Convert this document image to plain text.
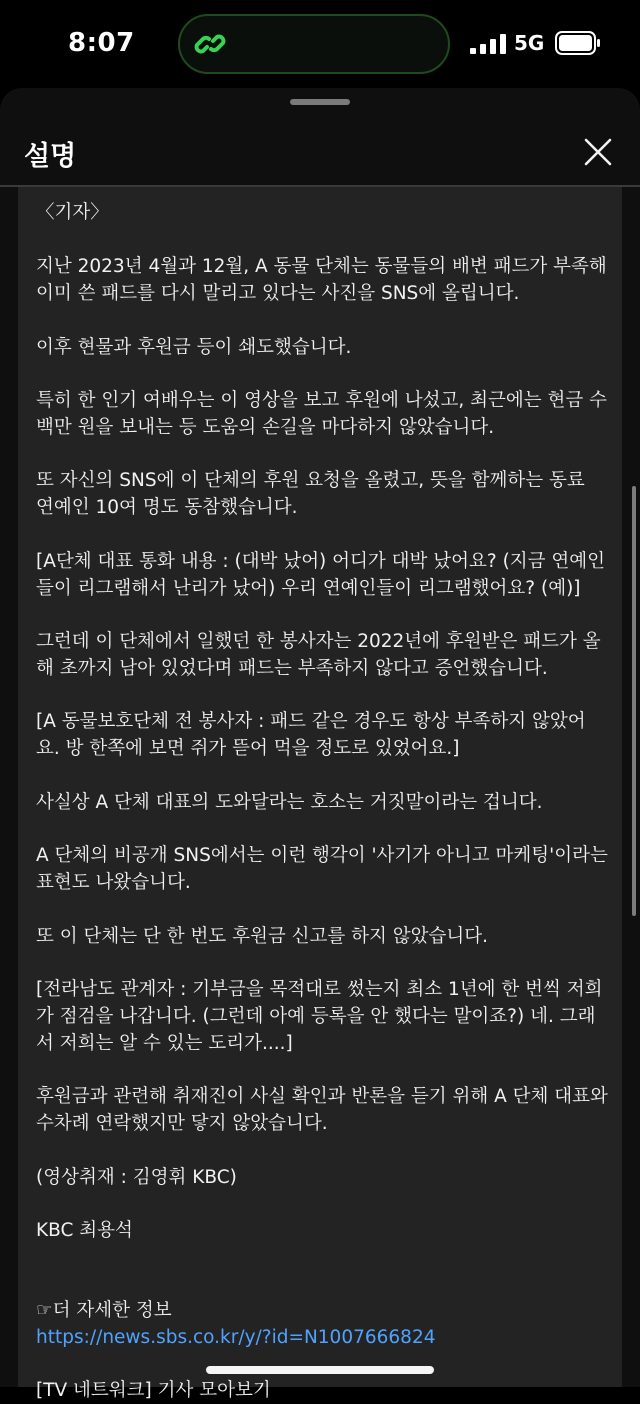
8:07	5G
설명

〈기자〉

지난 2023년 4월과 12월, A 동물 단체는 동물들의 배변 패드가 부족해 이미 쓴 패드를 다시 말리고 있다는 사진을 SNS에 올립니다.

이후 현물과 후원금 등이 쇄도했습니다.

특히 한 인기 여배우는 이 영상을 보고 후원에 나섰고, 최근에는 현금 수백만 원을 보내는 등 도움의 손길을 마다하지 않았습니다.

또 자신의 SNS에 이 단체의 후원 요청을 올렸고, 뜻을 함께하는 동료 연예인 10여 명도 동참했습니다.

[A단체 대표 통화 내용 : (대박 났어) 어디가 대박 났어요? (지금 연예인들이 리그램해서 난리가 났어) 우리 연예인들이 리그램했어요? (예)]

그런데 이 단체에서 일했던 한 봉사자는 2022년에 후원받은 패드가 올해 초까지 남아 있었다며 패드는 부족하지 않다고 증언했습니다.

[A 동물보호단체 전 봉사자 : 패드 같은 경우도 항상 부족하지 않았어요. 방 한쪽에 보면 쥐가 뜯어 먹을 정도로 있었어요.]

사실상 A 단체 대표의 도와달라는 호소는 거짓말이라는 겁니다.

A 단체의 비공개 SNS에서는 이런 행각이 '사기가 아니고 마케팅'이라는 표현도 나왔습니다.

또 이 단체는 단 한 번도 후원금 신고를 하지 않았습니다.

[전라남도 관계자 : 기부금을 목적대로 썼는지 최소 1년에 한 번씩 저희가 점검을 나갑니다. (그런데 아예 등록을 안 했다는 말이죠?) 네. 그래서 저희는 알 수 있는 도리가....]

후원금과 관련해 취재진이 사실 확인과 반론을 듣기 위해 A 단체 대표와 수차례 연락했지만 닿지 않았습니다.

(영상취재 : 김영휘 KBC)

KBC 최용석

☞더 자세한 정보

https://news.sbs.co.kr/y/?id=N1007666824

[TV 네트워크] 기사 모아보기
